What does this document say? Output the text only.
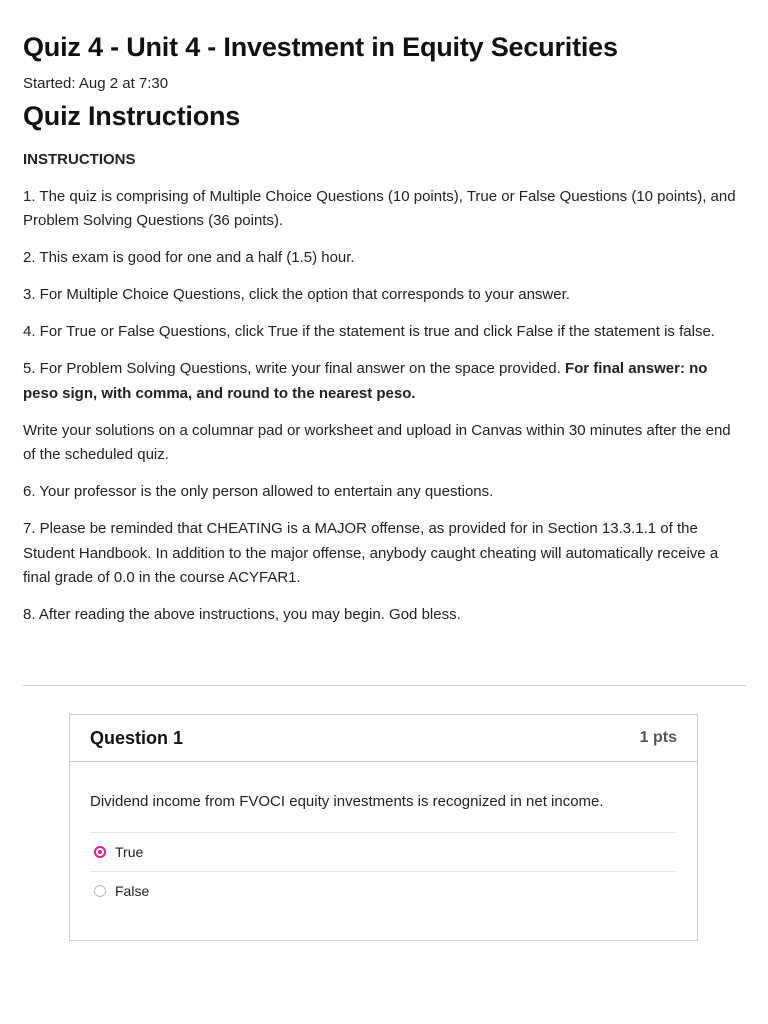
Quiz 4 - Unit 4 - Investment in Equity Securities
Started: Aug 2 at 7:30
Quiz Instructions

INSTRUCTIONS

1. The quiz is comprising of Multiple Choice Questions (10 points), True or False Questions (10 points), and Problem Solving Questions (36 points).

2. This exam is good for one and a half (1.5) hour.

3. For Multiple Choice Questions, click the option that corresponds to your answer.

4. For True or False Questions, click True if the statement is true and click False if the statement is false.

5. For Problem Solving Questions, write your final answer on the space provided. For final answer: no peso sign, with comma, and round to the nearest peso.

Write your solutions on a columnar pad or worksheet and upload in Canvas within 30 minutes after the end of the scheduled quiz.

6. Your professor is the only person allowed to entertain any questions.

7. Please be reminded that CHEATING is a MAJOR offense, as provided for in Section 13.3.1.1 of the Student Handbook. In addition to the major offense, anybody caught cheating will automatically receive a final grade of 0.0 in the course ACYFAR1.

8. After reading the above instructions, you may begin. God bless.

Question 1	1 pts
Dividend income from FVOCI equity investments is recognized in net income.
True
False
